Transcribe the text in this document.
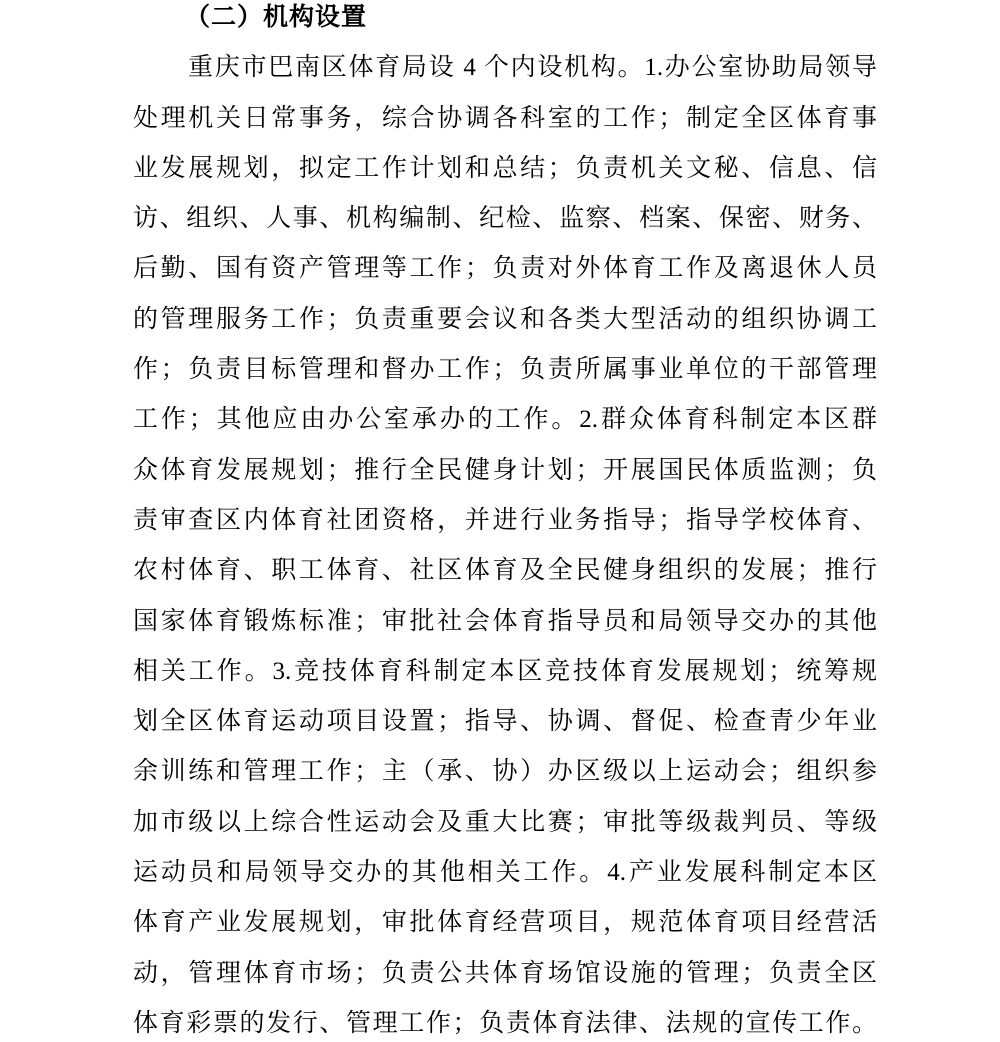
（二）机构设置
重庆市巴南区体育局设 4 个内设机构。1.办公室协助局领导
处理机关日常事务，综合协调各科室的工作；制定全区体育事
业发展规划，拟定工作计划和总结；负责机关文秘、信息、信
访、组织、人事、机构编制、纪检、监察、档案、保密、财务、
后勤、国有资产管理等工作；负责对外体育工作及离退休人员
的管理服务工作；负责重要会议和各类大型活动的组织协调工
作；负责目标管理和督办工作；负责所属事业单位的干部管理
工作；其他应由办公室承办的工作。2.群众体育科制定本区群
众体育发展规划；推行全民健身计划；开展国民体质监测；负
责审查区内体育社团资格，并进行业务指导；指导学校体育、
农村体育、职工体育、社区体育及全民健身组织的发展；推行
国家体育锻炼标准；审批社会体育指导员和局领导交办的其他
相关工作。3.竞技体育科制定本区竞技体育发展规划；统筹规
划全区体育运动项目设置；指导、协调、督促、检查青少年业
余训练和管理工作；主（承、协）办区级以上运动会；组织参
加市级以上综合性运动会及重大比赛；审批等级裁判员、等级
运动员和局领导交办的其他相关工作。4.产业发展科制定本区
体育产业发展规划，审批体育经营项目，规范体育项目经营活
动，管理体育市场；负责公共体育场馆设施的管理；负责全区
体育彩票的发行、管理工作；负责体育法律、法规的宣传工作。
